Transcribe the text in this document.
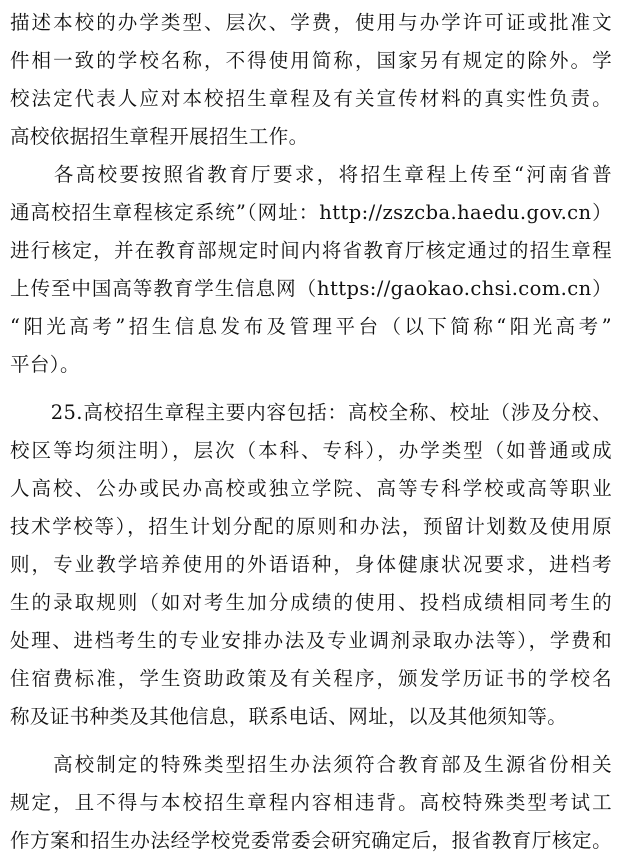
描述本校的办学类型、层次、学费，使用与办学许可证或批准文
件相一致的学校名称，不得使用简称，国家另有规定的除外。学
校法定代表人应对本校招生章程及有关宣传材料的真实性负责。
高校依据招生章程开展招生工作。
　　各高校要按照省教育厅要求，将招生章程上传至“河南省普
通高校招生章程核定系统”（网址：http://zszcba.haedu.gov.cn）
进行核定，并在教育部规定时间内将省教育厅核定通过的招生章程
上传至中国高等教育学生信息网（https://gaokao.chsi.com.cn）
“阳光高考”招生信息发布及管理平台（以下简称“阳光高考”
平台）。
　　25.高校招生章程主要内容包括：高校全称、校址（涉及分校、
校区等均须注明），层次（本科、专科），办学类型（如普通或成
人高校、公办或民办高校或独立学院、高等专科学校或高等职业
技术学校等），招生计划分配的原则和办法，预留计划数及使用原
则，专业教学培养使用的外语语种，身体健康状况要求，进档考
生的录取规则（如对考生加分成绩的使用、投档成绩相同考生的
处理、进档考生的专业安排办法及专业调剂录取办法等），学费和
住宿费标准，学生资助政策及有关程序，颁发学历证书的学校名
称及证书种类及其他信息，联系电话、网址，以及其他须知等。
　　高校制定的特殊类型招生办法须符合教育部及生源省份相关
规定，且不得与本校招生章程内容相违背。高校特殊类型考试工
作方案和招生办法经学校党委常委会研究确定后，报省教育厅核定。
